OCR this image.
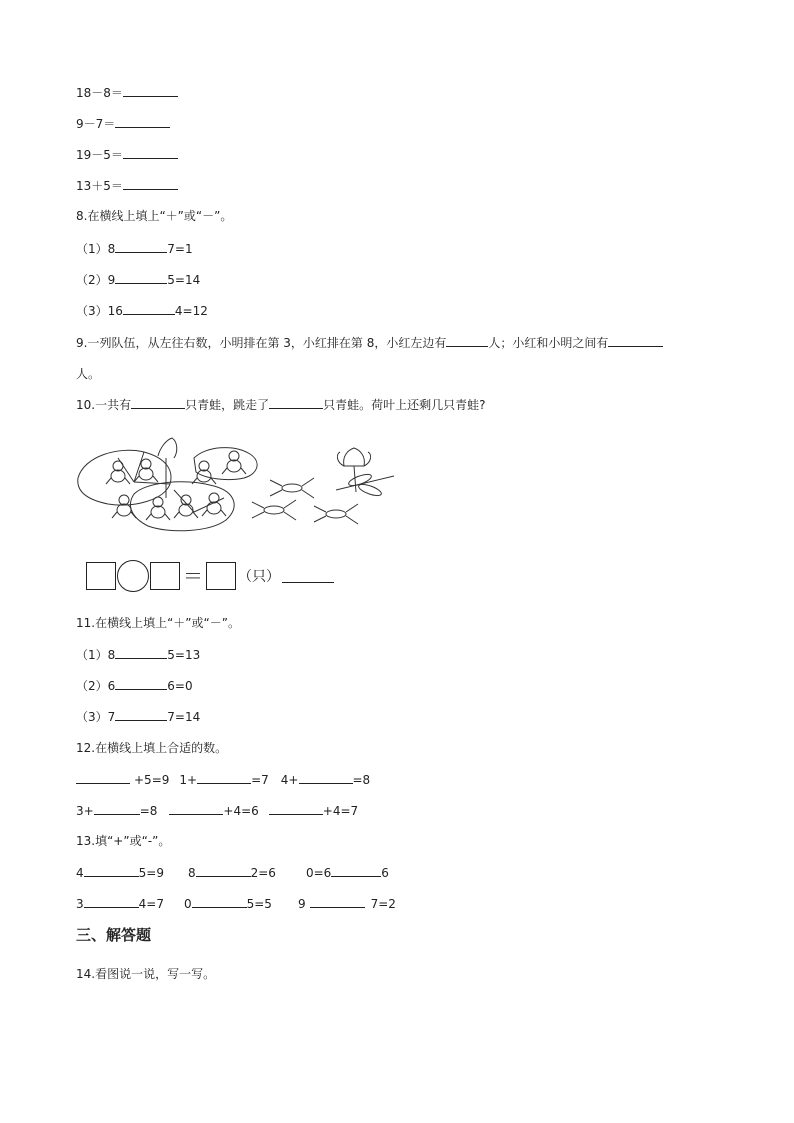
18－8＝
9－7＝
19－5＝
13＋5＝
8.在横线上填上“＋”或“－”。
（1）8	7=1
（2）9	5=14
（3）16	4=12
9.一列队伍，从左往右数，小明排在第 3，小红排在第 8，小红左边有	人；小红和小明之间有
人。
10.一共有	只青蛙，跳走了	只青蛙。荷叶上还剩几只青蛙?
＝	（只）
11.在横线上填上“＋”或“－”。
（1）8	5=13
（2）6	6=0
（3）7	7=14
12.在横线上填上合适的数。
+5=9 1+	=7 4+	=8
3+	=8	+4=6	+4=7
13.填“+”或“-”。
4	5=9 8	2=6	0=6	6
3	4=7 0	5=5 9	7=2
三、解答题
14.看图说一说，写一写。
